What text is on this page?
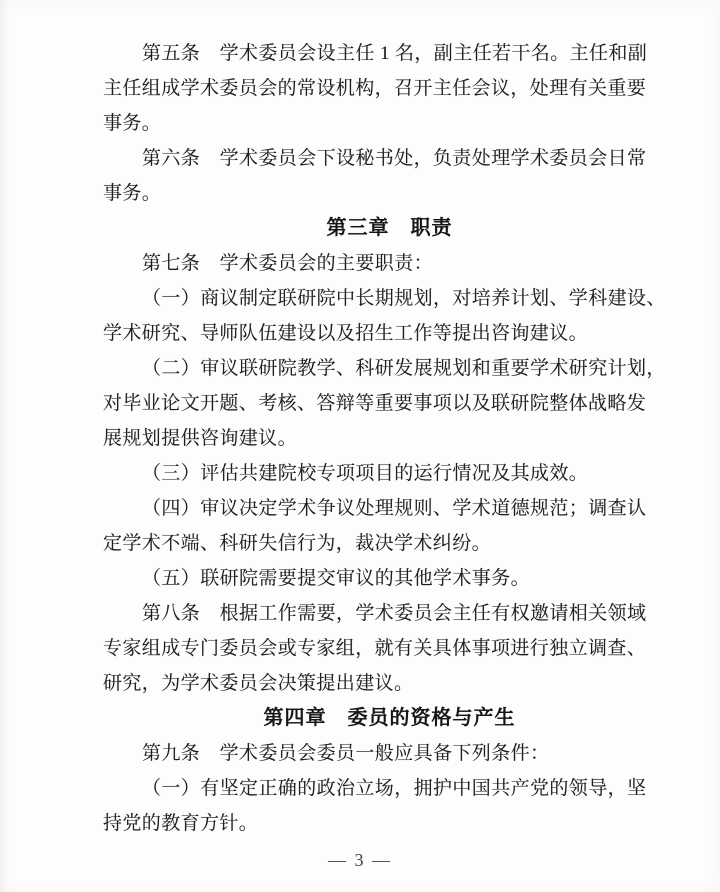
第五条　学术委员会设主任 1 名，副主任若干名。主任和副
主任组成学术委员会的常设机构，召开主任会议，处理有关重要
事务。
第六条　学术委员会下设秘书处，负责处理学术委员会日常
事务。
第三章　职责
第七条　学术委员会的主要职责：
（一）商议制定联研院中长期规划，对培养计划、学科建设、
学术研究、导师队伍建设以及招生工作等提出咨询建议。
（二）审议联研院教学、科研发展规划和重要学术研究计划，
对毕业论文开题、考核、答辩等重要事项以及联研院整体战略发
展规划提供咨询建议。
（三）评估共建院校专项项目的运行情况及其成效。
（四）审议决定学术争议处理规则、学术道德规范；调查认
定学术不端、科研失信行为，裁决学术纠纷。
（五）联研院需要提交审议的其他学术事务。
第八条　根据工作需要，学术委员会主任有权邀请相关领域
专家组成专门委员会或专家组，就有关具体事项进行独立调查、
研究，为学术委员会决策提出建议。
第四章　委员的资格与产生
第九条　学术委员会委员一般应具备下列条件：
（一）有坚定正确的政治立场，拥护中国共产党的领导，坚
持党的教育方针。
— 3 —
